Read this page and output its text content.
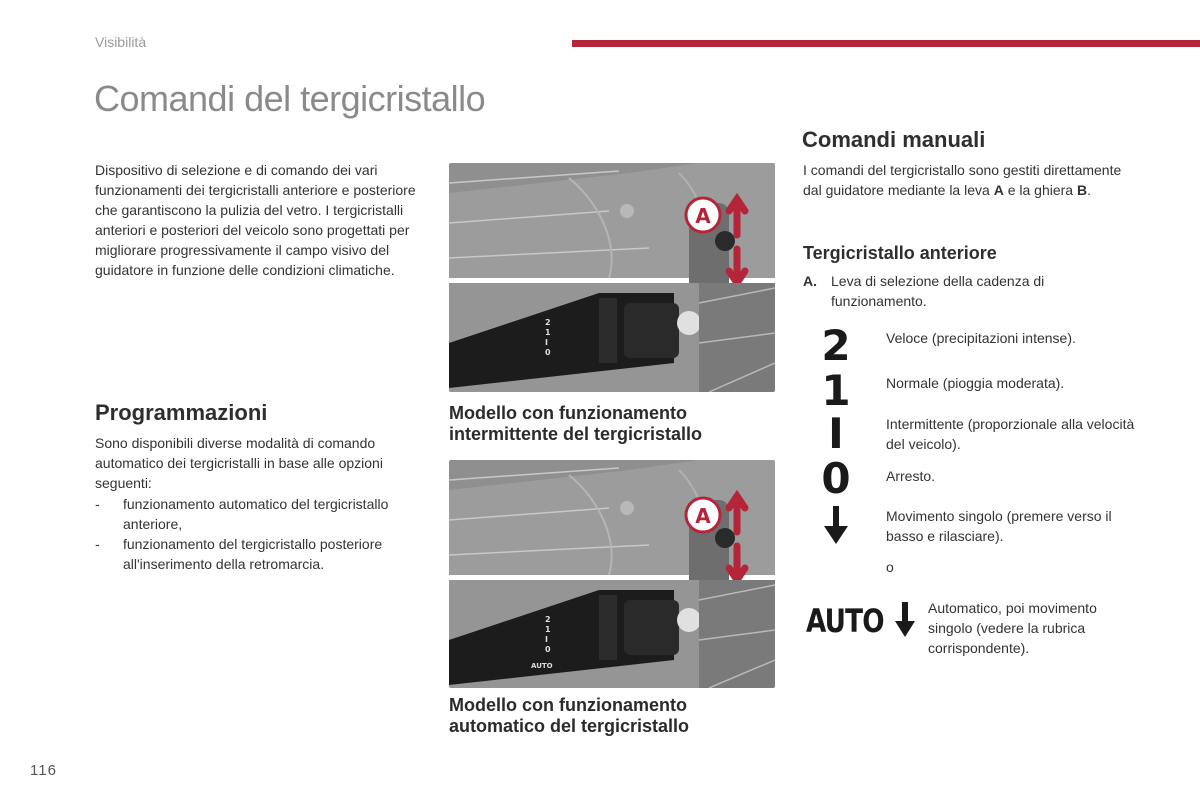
Visibilità
Comandi del tergicristallo
Dispositivo di selezione e di comando dei vari funzionamenti dei tergicristalli anteriore e posteriore che garantiscono la pulizia del vetro. I tergicristalli anteriori e posteriori del veicolo sono progettati per migliorare progressivamente il campo visivo del guidatore in funzione delle condizioni climatiche.
Programmazioni
Sono disponibili diverse modalità di comando automatico dei tergicristalli in base alle opzioni seguenti:
- funzionamento automatico del tergicristallo anteriore,
- funzionamento del tergicristallo posteriore all'inserimento della retromarcia.
A
2
1
I
0
Modello con funzionamento intermittente del tergicristallo
A
2
1
I
0
AUTO
Modello con funzionamento automatico del tergicristallo
Comandi manuali
I comandi del tergicristallo sono gestiti direttamente dal guidatore mediante la leva A e la ghiera B.
Tergicristallo anteriore
A. Leva di selezione della cadenza di funzionamento.
2	Veloce (precipitazioni intense).
1	Normale (pioggia moderata).
I	Intermittente (proporzionale alla velocità del veicolo).
0	Arresto.
Movimento singolo (premere verso il basso e rilasciare).
o
AUTO	Automatico, poi movimento singolo (vedere la rubrica corrispondente).
116
